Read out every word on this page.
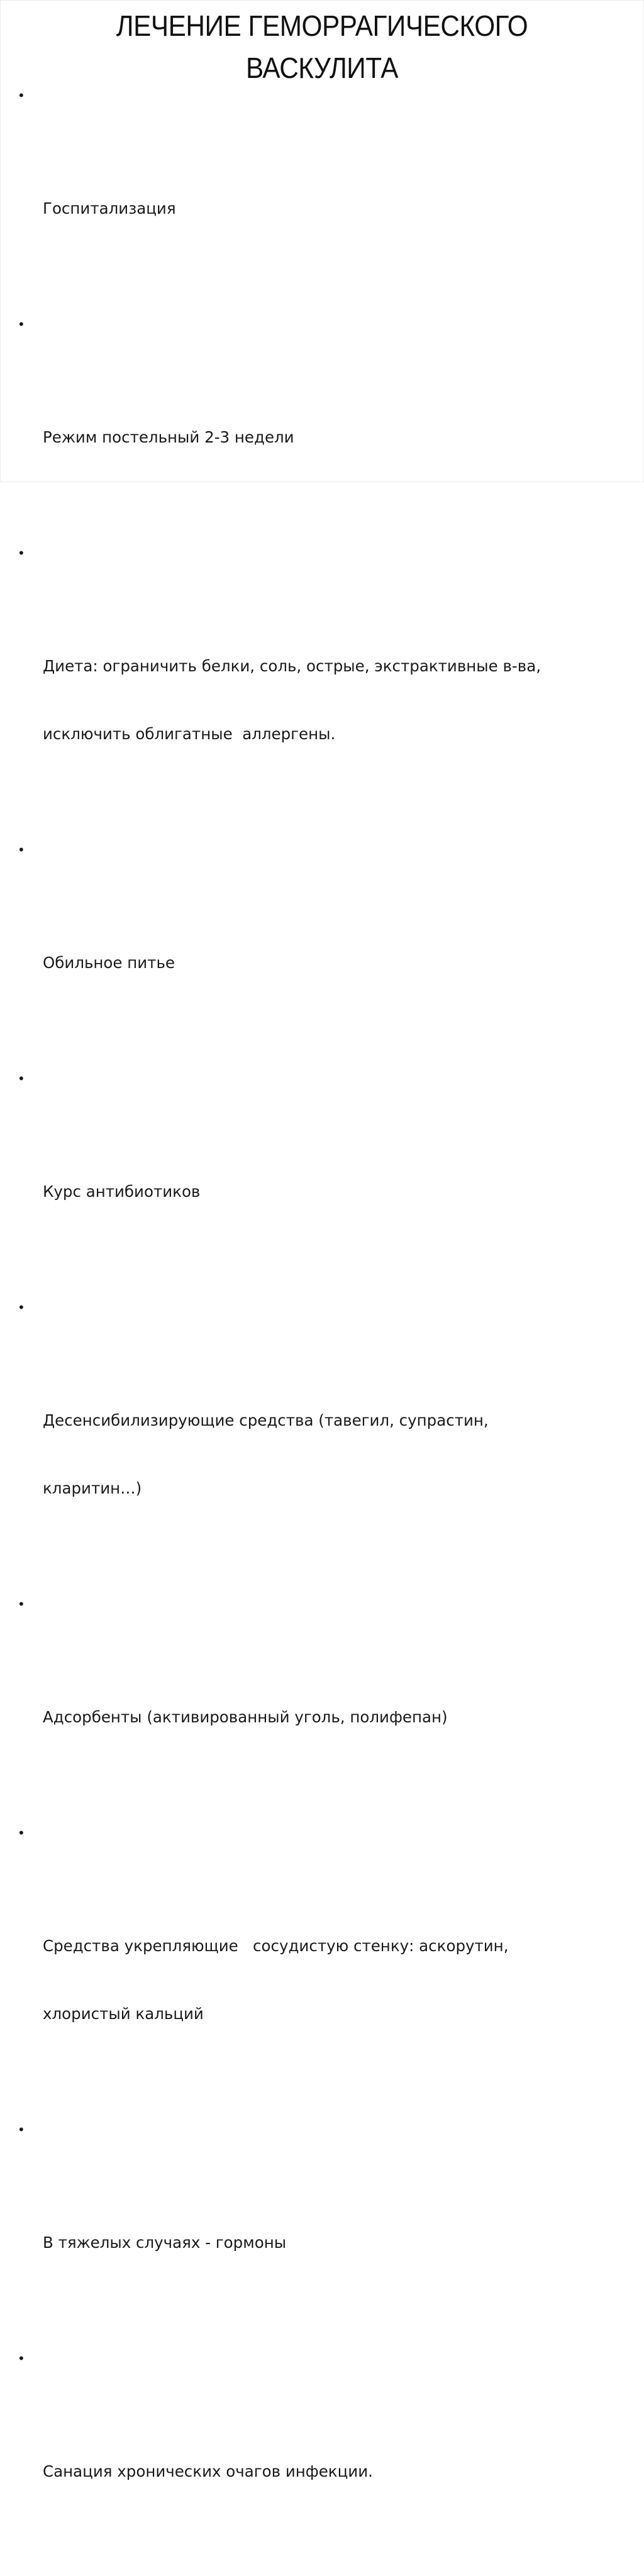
ЛЕЧЕНИЕ ГЕМОРРАГИЧЕСКОГО
ВАСКУЛИТА

•

Госпитализация

•

Режим постельный 2-3 недели

•

Диета: ограничить белки, соль, острые, экстрактивные в-ва,

исключить облигатные  аллергены.

•

Обильное питье

•

Курс антибиотиков

•

Десенсибилизирующие средства (тавегил, супрастин,

кларитин…)

•

Адсорбенты (активированный уголь, полифепан)

•

Средства укрепляющие   сосудистую стенку: аскорутин,

хлористый кальций

•

В тяжелых случаях - гормоны

•

Санация хронических очагов инфекции.
